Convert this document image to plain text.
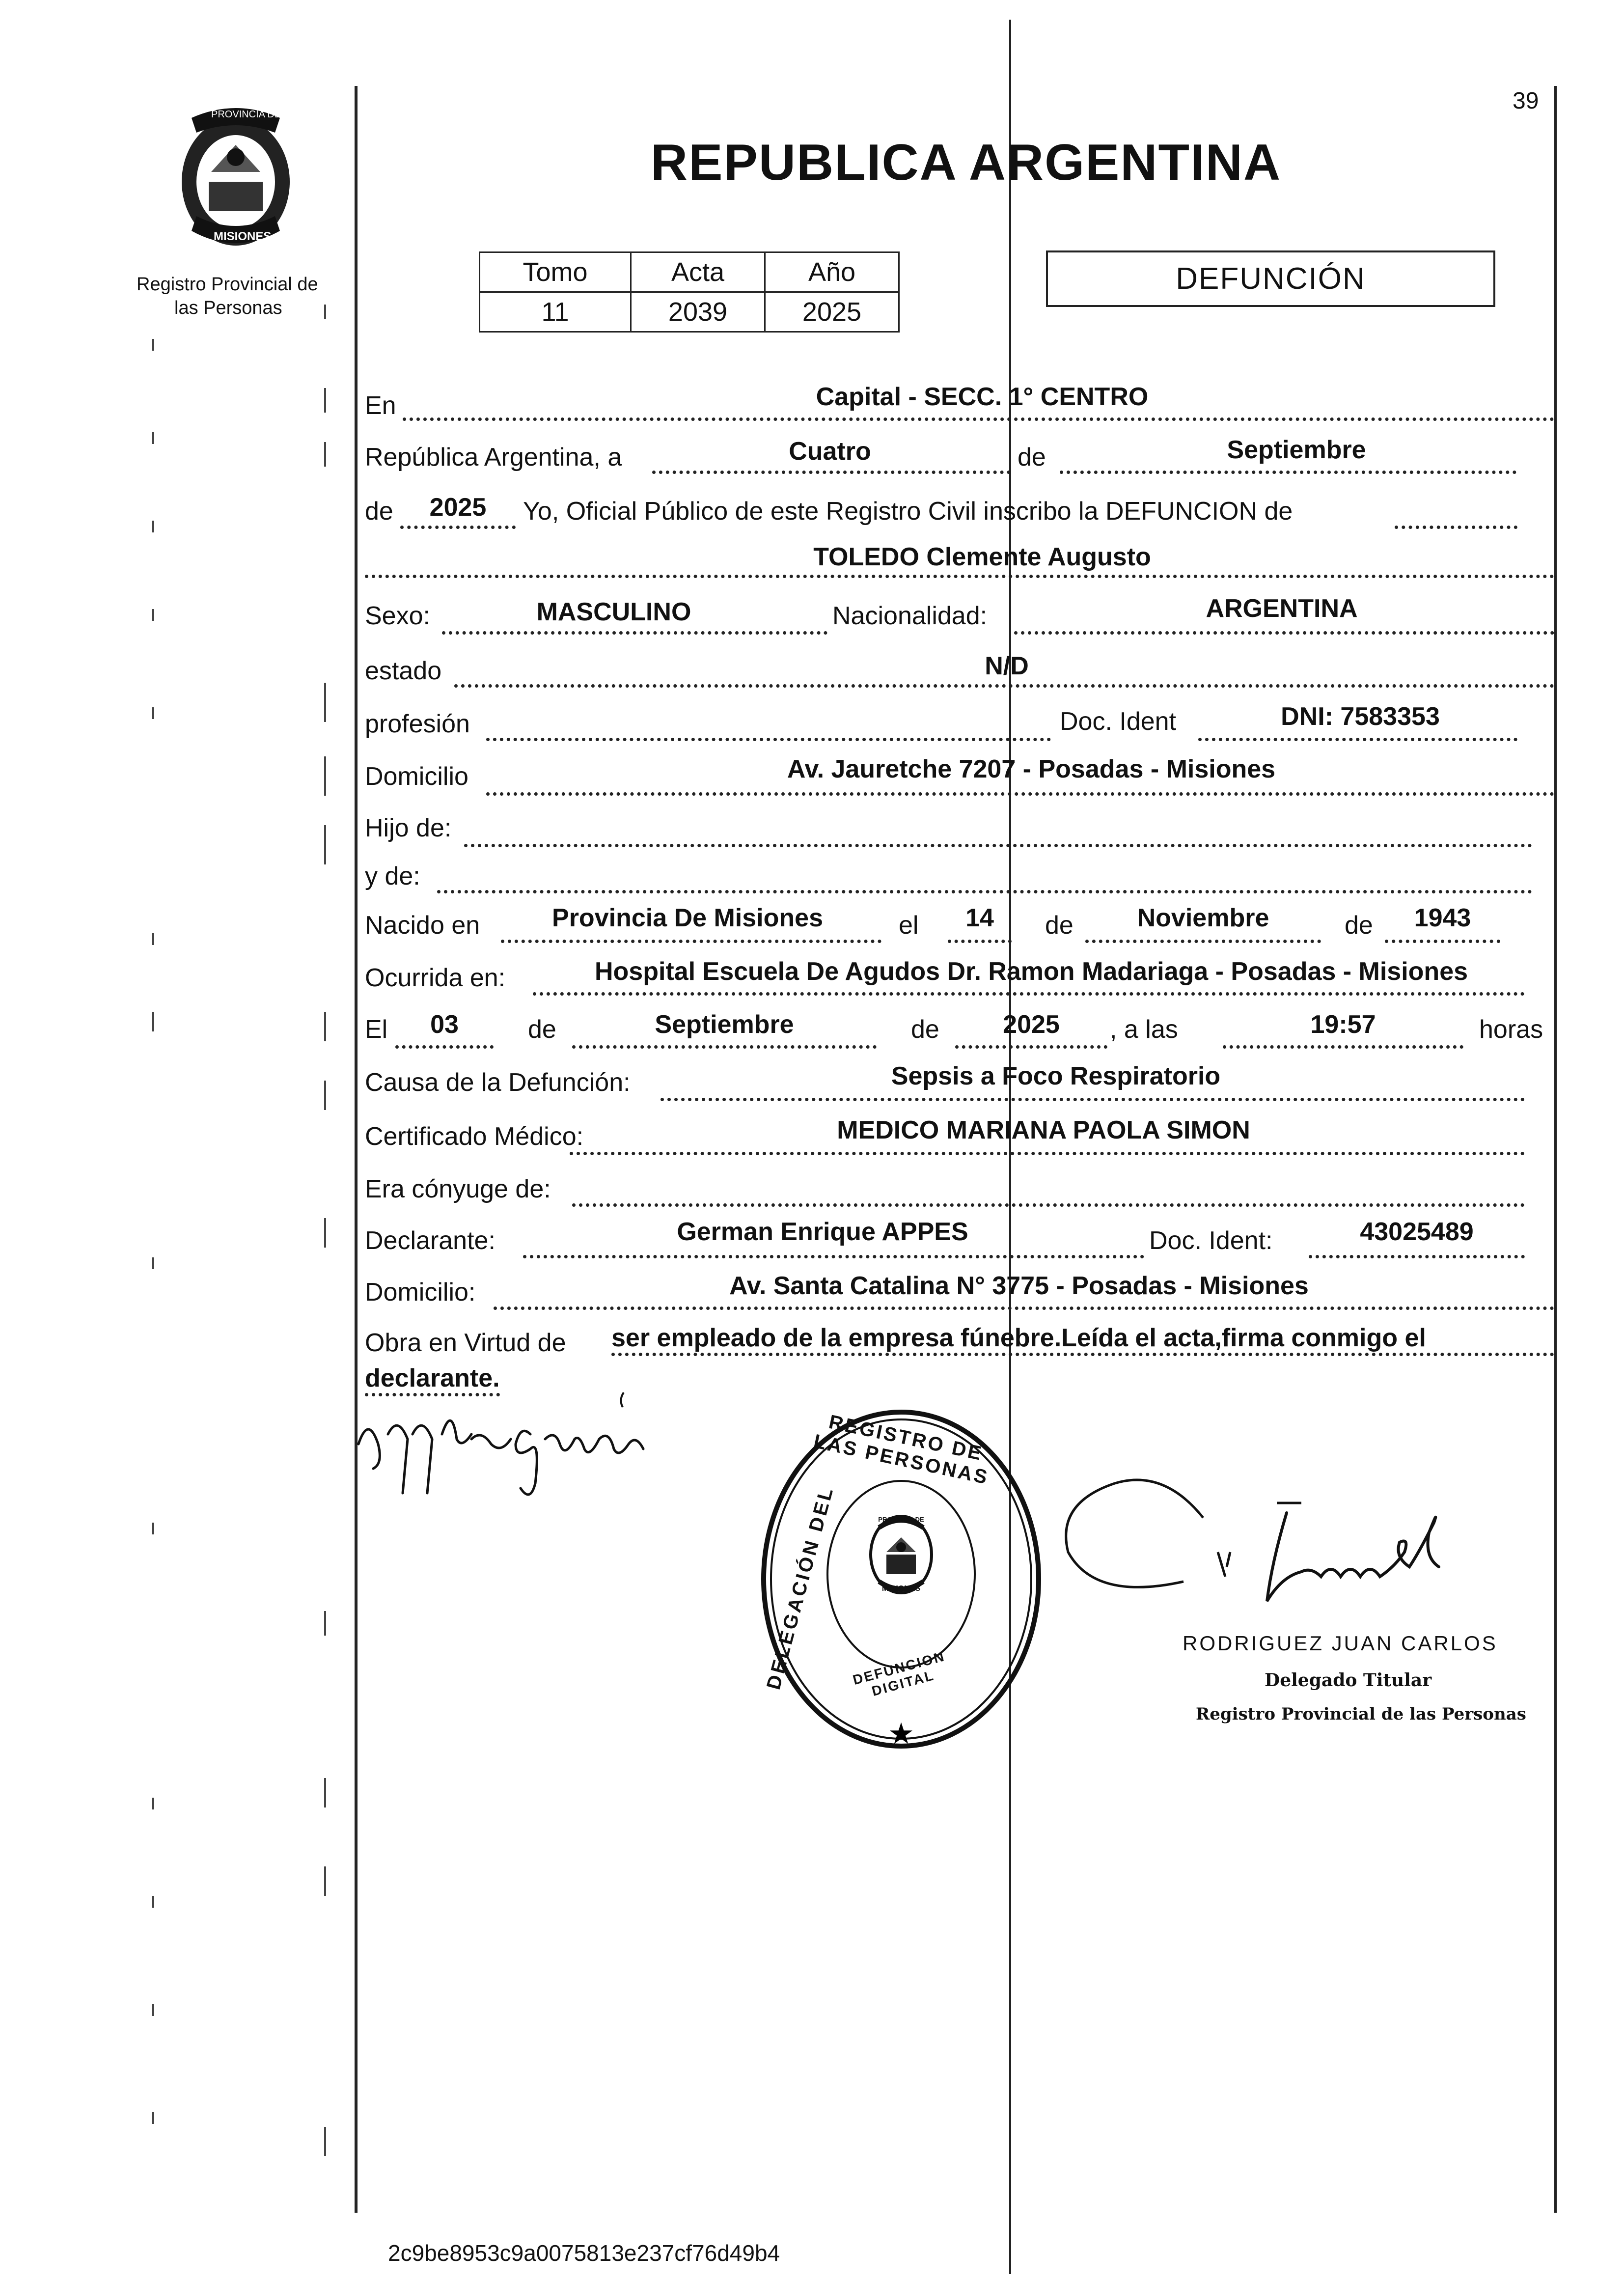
PROVINCIA DE
MISIONES
Registro Provincial de
las Personas
39
REPUBLICA ARGENTINA
Tomo	Acta	Año
11	2039	2025
DEFUNCIÓN
En	Capital - SECC. 1° CENTRO
República Argentina, a	Cuatro	de	Septiembre
de	2025	Yo, Oficial Público de este Registro Civil inscribo la DEFUNCION de
TOLEDO Clemente Augusto
Sexo:	MASCULINO	Nacionalidad:	ARGENTINA
estado	N/D
profesión	Doc. Ident	DNI: 7583353
Domicilio	Av. Jauretche 7207 - Posadas - Misiones
Hijo de:
y de:
Nacido en	Provincia De Misiones	el	14	de	Noviembre	de	1943
Ocurrida en:	Hospital Escuela De Agudos Dr. Ramon Madariaga - Posadas - Misiones
El	03	de	Septiembre	de	2025	, a las	19:57	horas
Causa de la Defunción:	Sepsis a Foco Respiratorio
Certificado Médico:	MEDICO MARIANA PAOLA SIMON
Era cónyuge de:
Declarante:	German Enrique APPES	Doc. Ident:	43025489
Domicilio:	Av. Santa Catalina N° 3775 - Posadas - Misiones
Obra en Virtud de ser empleado de la empresa fúnebre.Leída el acta,firma conmigo el
declarante.
appes german
★
REGISTRO DE LAS PERSONAS
DELEGACIÓN DEL DEFUNCION DIGITAL
PROVINCIA DE
MISIONES
Ramesdi
RODRIGUEZ JUAN CARLOS
Delegado Titular
Registro Provincial de las Personas
2c9be8953c9a0075813e237cf76d49b4
